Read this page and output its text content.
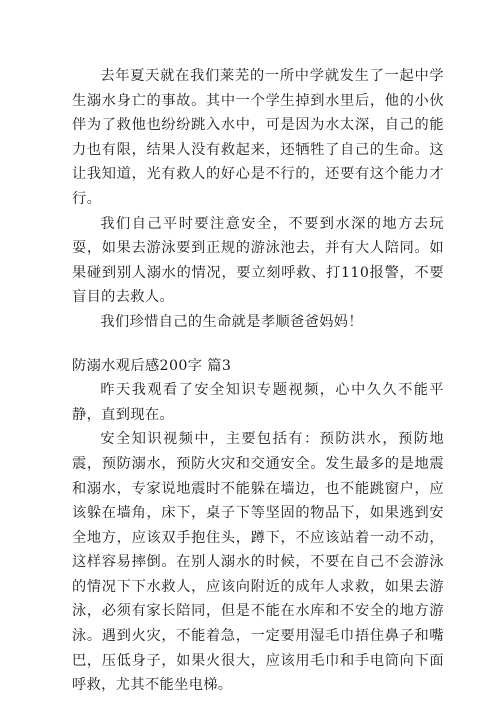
去年夏天就在我们莱芜的一所中学就发生了一起中学生溺水身亡的事故。其中一个学生掉到水里后，他的小伙伴为了救他也纷纷跳入水中，可是因为水太深，自己的能力也有限，结果人没有救起来，还牺牲了自己的生命。这让我知道，光有救人的好心是不行的，还要有这个能力才行。

我们自己平时要注意安全，不要到水深的地方去玩耍，如果去游泳要到正规的游泳池去，并有大人陪同。如果碰到别人溺水的情况，要立刻呼救、打110报警，不要盲目的去救人。

我们珍惜自己的生命就是孝顺爸爸妈妈！

防溺水观后感200字 篇3

昨天我观看了安全知识专题视频，心中久久不能平静，直到现在。

安全知识视频中，主要包括有：预防洪水，预防地震，预防溺水，预防火灾和交通安全。发生最多的是地震和溺水，专家说地震时不能躲在墙边，也不能跳窗户，应该躲在墙角，床下，桌子下等坚固的物品下，如果逃到安全地方，应该双手抱住头，蹲下，不应该站着一动不动，这样容易摔倒。在别人溺水的时候，不要在自己不会游泳的情况下下水救人，应该向附近的成年人求救，如果去游泳，必须有家长陪同，但是不能在水库和不安全的地方游泳。遇到火灾，不能着急，一定要用湿毛巾捂住鼻子和嘴巴，压低身子，如果火很大，应该用毛巾和手电筒向下面呼救，尤其不能坐电梯。
